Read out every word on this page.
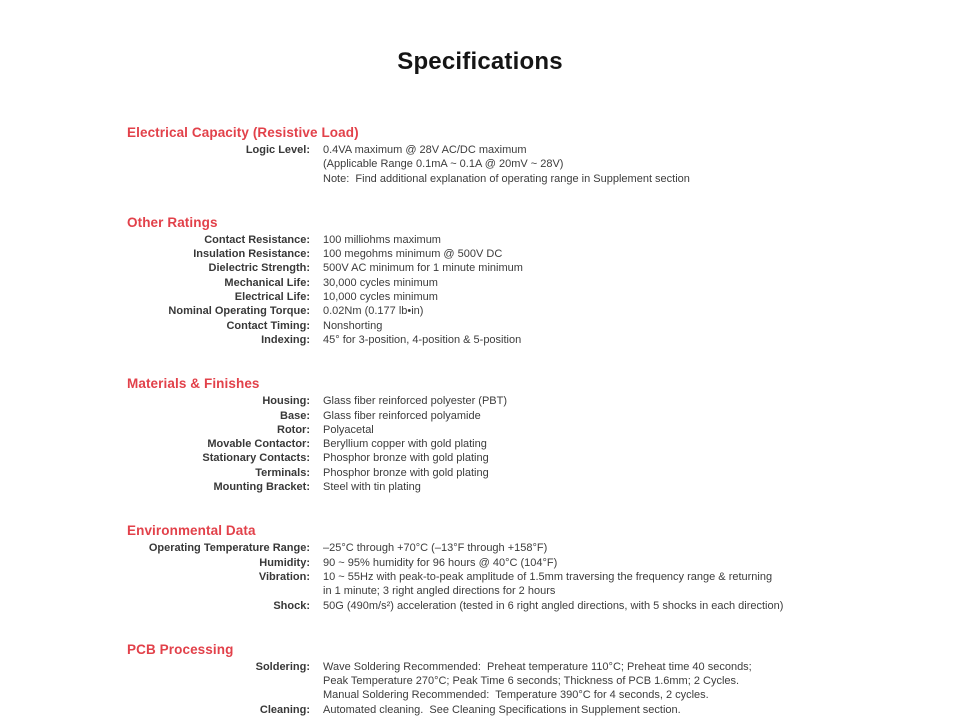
Specifications
Electrical Capacity (Resistive Load)
Logic Level: 0.4VA maximum @ 28V AC/DC maximum
(Applicable Range 0.1mA ~ 0.1A @ 20mV ~ 28V)
Note:  Find additional explanation of operating range in Supplement section
Other Ratings
Contact Resistance: 100 milliohms maximum
Insulation Resistance: 100 megohms minimum @ 500V DC
Dielectric Strength: 500V AC minimum for 1 minute minimum
Mechanical Life: 30,000 cycles minimum
Electrical Life: 10,000 cycles minimum
Nominal Operating Torque: 0.02Nm (0.177 lb•in)
Contact Timing: Nonshorting
Indexing: 45° for 3-position, 4-position & 5-position
Materials & Finishes
Housing: Glass fiber reinforced polyester (PBT)
Base: Glass fiber reinforced polyamide
Rotor: Polyacetal
Movable Contactor: Beryllium copper with gold plating
Stationary Contacts: Phosphor bronze with gold plating
Terminals: Phosphor bronze with gold plating
Mounting Bracket: Steel with tin plating
Environmental Data
Operating Temperature Range: –25°C through +70°C (–13°F through +158°F)
Humidity: 90 ~ 95% humidity for 96 hours @ 40°C (104°F)
Vibration: 10 ~ 55Hz with peak-to-peak amplitude of 1.5mm traversing the frequency range & returning
in 1 minute; 3 right angled directions for 2 hours
Shock: 50G (490m/s²) acceleration (tested in 6 right angled directions, with 5 shocks in each direction)
PCB Processing
Soldering: Wave Soldering Recommended:  Preheat temperature 110°C; Preheat time 40 seconds;
Peak Temperature 270°C; Peak Time 6 seconds; Thickness of PCB 1.6mm; 2 Cycles.
Manual Soldering Recommended:  Temperature 390°C for 4 seconds, 2 cycles.
Cleaning: Automated cleaning.  See Cleaning Specifications in Supplement section.
